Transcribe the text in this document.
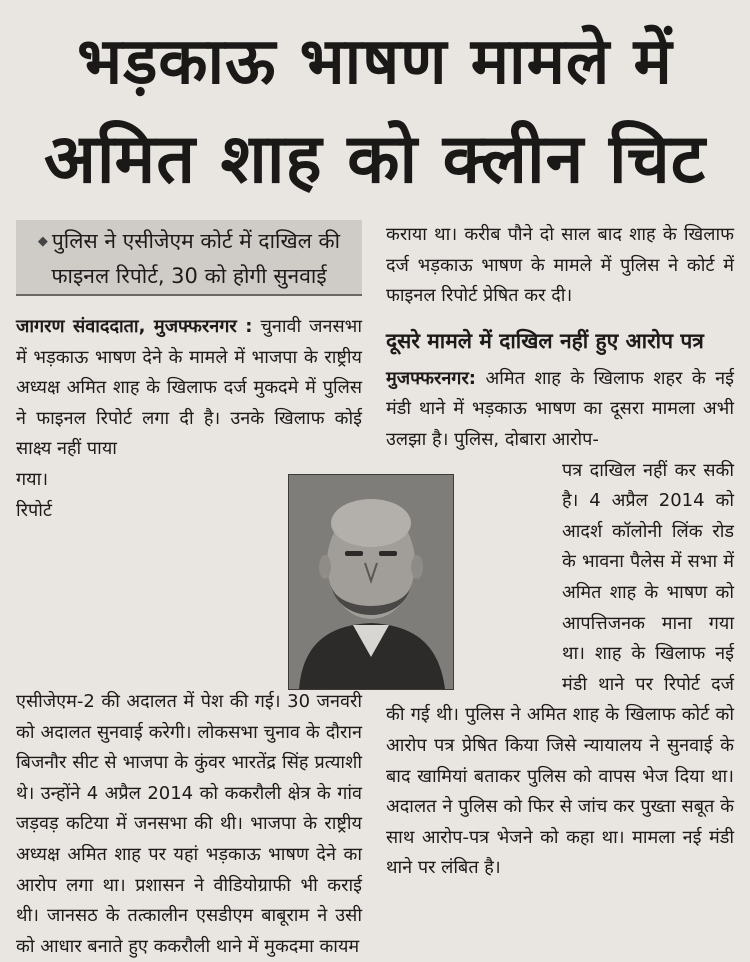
भड़काऊ भाषण मामले में
अमित शाह को क्लीन चिट
◆ पुलिस ने एसीजेएम कोर्ट में दाखिल की फाइनल रिपोर्ट, 30 को होगी सुनवाई

जागरण संवाददाता, मुजफ्फरनगर : चुनावी जनसभा में भड़काऊ भाषण देने के मामले में भाजपा के राष्ट्रीय अध्यक्ष अमित शाह के खिलाफ दर्ज मुकदमे में पुलिस ने फाइनल रिपोर्ट लगा दी है। उनके खिलाफ कोई साक्ष्य नहीं पाया

गया। रिपोर्ट एसीजेएम-2 की अदालत में पेश की गई। 30 जनवरी को अदालत सुनवाई करेगी। लोकसभा चुनाव के दौरान बिजनौर सीट से भाजपा के कुंवर भारतेंद्र सिंह प्रत्याशी थे। उन्होंने 4 अप्रैल 2014 को ककरौली क्षेत्र के गांव जड़वड़ कटिया में जनसभा की थी। भाजपा के राष्ट्रीय अध्यक्ष अमित शाह पर यहां भड़काऊ भाषण देने का आरोप लगा था। प्रशासन ने वीडियोग्राफी भी कराई थी। जानसठ के तत्कालीन एसडीएम बाबूराम ने उसी को आधार बनाते हुए ककरौली थाने में मुकदमा कायम

कराया था। करीब पौने दो साल बाद शाह के खिलाफ दर्ज भड़काऊ भाषण के मामले में पुलिस ने कोर्ट में फाइनल रिपोर्ट प्रेषित कर दी।

दूसरे मामले में दाखिल नहीं हुए आरोप पत्र

मुजफ्फरनगर: अमित शाह के खिलाफ शहर के नई मंडी थाने में भड़काऊ भाषण का दूसरा मामला अभी उलझा है। पुलिस, दोबारा आरोप-

पत्र दाखिल नहीं कर सकी है। 4 अप्रैल 2014 को आदर्श कॉलोनी लिंक रोड के भावना पैलेस में सभा में अमित शाह के भाषण को आपत्तिजनक माना गया था। शाह के खिलाफ नई मंडी थाने पर रिपोर्ट दर्ज की गई थी। पुलिस ने अमित शाह के खिलाफ कोर्ट को आरोप पत्र प्रेषित किया जिसे न्यायालय ने सुनवाई के बाद खामियां बताकर पुलिस को वापस भेज दिया था। अदालत ने पुलिस को फिर से जांच कर पुख्ता सबूत के साथ आरोप-पत्र भेजने को कहा था। मामला नई मंडी थाने पर लंबित है।
